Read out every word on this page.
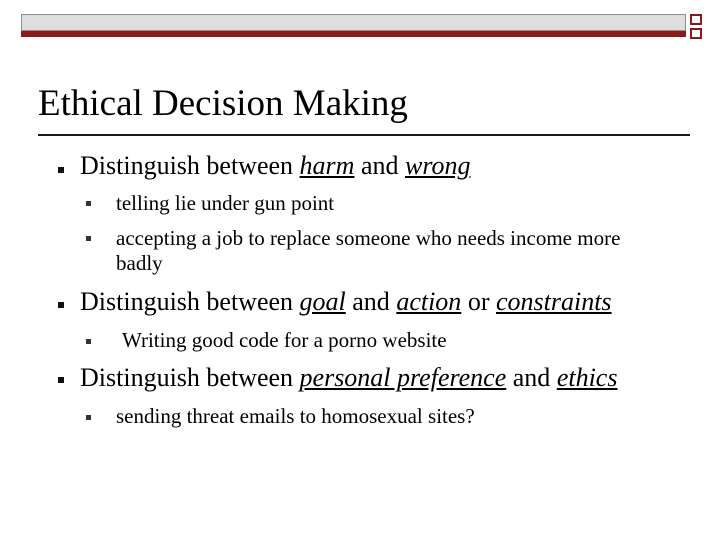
Ethical Decision Making
Distinguish between harm and wrong
telling lie under gun point
accepting a job to replace someone who needs income more badly
Distinguish between goal and action or constraints
Writing good code for a porno website
Distinguish between personal preference and ethics
sending threat emails to homosexual sites?
